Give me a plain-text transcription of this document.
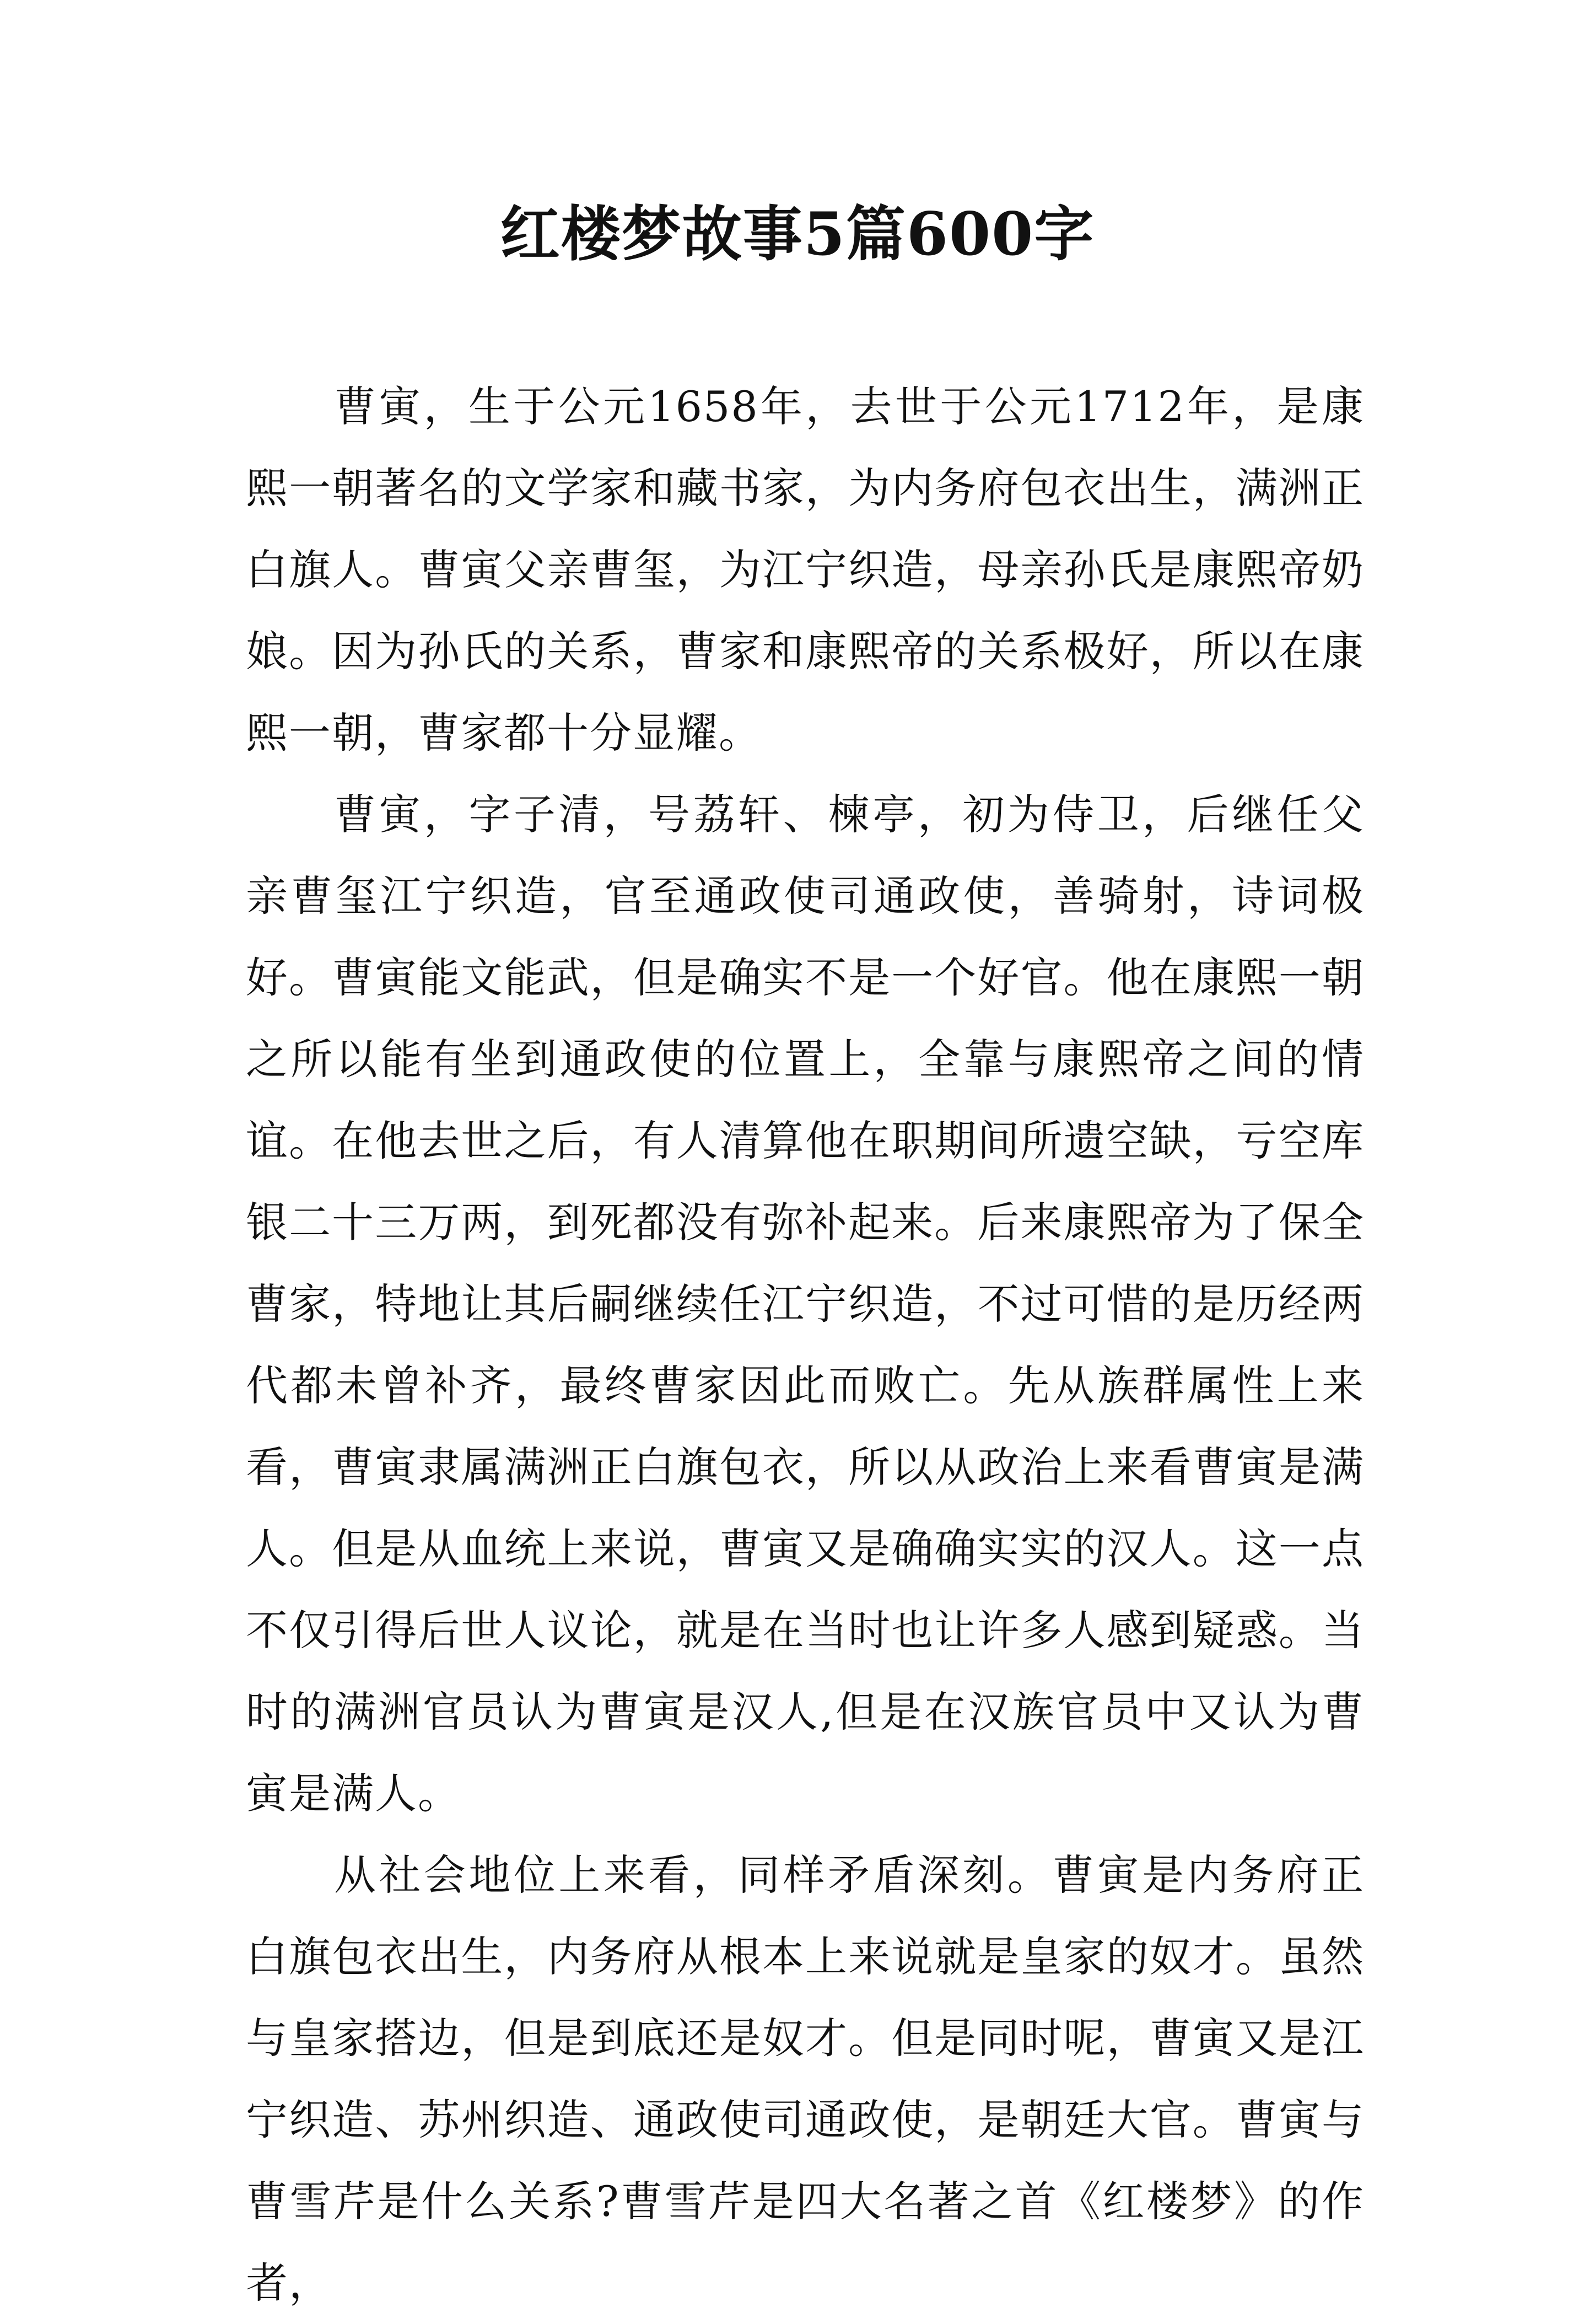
红楼梦故事5篇600字

曹寅，生于公元1658年，去世于公元1712年，是康熙一朝著名的文学家和藏书家，为内务府包衣出生，满洲正白旗人。曹寅父亲曹玺，为江宁织造，母亲孙氏是康熙帝奶娘。因为孙氏的关系，曹家和康熙帝的关系极好，所以在康熙一朝，曹家都十分显耀。

曹寅，字子清，号荔轩、楝亭，初为侍卫，后继任父亲曹玺江宁织造，官至通政使司通政使，善骑射，诗词极好。曹寅能文能武，但是确实不是一个好官。他在康熙一朝之所以能有坐到通政使的位置上，全靠与康熙帝之间的情谊。在他去世之后，有人清算他在职期间所遗空缺，亏空库银二十三万两，到死都没有弥补起来。后来康熙帝为了保全曹家，特地让其后嗣继续任江宁织造，不过可惜的是历经两代都未曾补齐，最终曹家因此而败亡。先从族群属性上来看，曹寅隶属满洲正白旗包衣，所以从政治上来看曹寅是满人。但是从血统上来说，曹寅又是确确实实的汉人。这一点不仅引得后世人议论，就是在当时也让许多人感到疑惑。当时的满洲官员认为曹寅是汉人,但是在汉族官员中又认为曹寅是满人。

从社会地位上来看，同样矛盾深刻。曹寅是内务府正白旗包衣出生，内务府从根本上来说就是皇家的奴才。虽然与皇家搭边，但是到底还是奴才。但是同时呢，曹寅又是江宁织造、苏州织造、通政使司通政使，是朝廷大官。曹寅与曹雪芹是什么关系?曹雪芹是四大名著之首《红楼梦》的作者，
